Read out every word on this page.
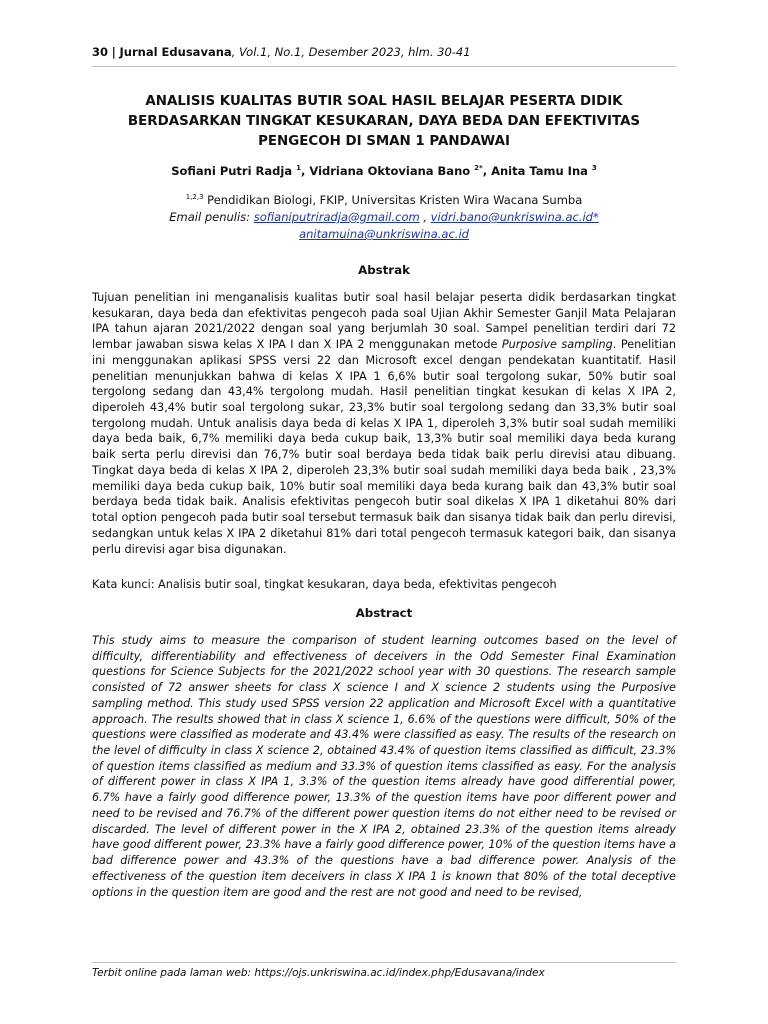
30 | Jurnal Edusavana, Vol.1, No.1, Desember 2023, hlm. 30-41
ANALISIS KUALITAS BUTIR SOAL HASIL BELAJAR PESERTA DIDIK
BERDASARKAN TINGKAT KESUKARAN, DAYA BEDA DAN EFEKTIVITAS
PENGECOH DI SMAN 1 PANDAWAI
Sofiani Putri Radja $^1$, Vidriana Oktoviana Bano $^{2*}$, Anita Tamu Ina $^3$
$^{1,2,3}$ Pendidikan Biologi, FKIP, Universitas Kristen Wira Wacana Sumba
Email penulis: sofianiputriradja@gmail.com , vidri.bano@unkriswina.ac.id*
anitamuina@unkriswina.ac.id
Abstrak

Tujuan penelitian ini menganalisis kualitas butir soal hasil belajar peserta didik berdasarkan tingkat kesukaran, daya beda dan efektivitas pengecoh pada soal Ujian Akhir Semester Ganjil Mata Pelajaran IPA tahun ajaran 2021/2022 dengan soal yang berjumlah 30 soal. Sampel penelitian terdiri dari 72 lembar jawaban siswa kelas X IPA I dan X IPA 2 menggunakan metode Purposive sampling. Penelitian ini menggunakan aplikasi SPSS versi 22 dan Microsoft excel dengan pendekatan kuantitatif. Hasil penelitian menunjukkan bahwa di kelas X IPA 1 6,6% butir soal tergolong sukar, 50% butir soal tergolong sedang dan 43,4% tergolong mudah. Hasil penelitian tingkat kesukan di kelas X IPA 2, diperoleh 43,4% butir soal tergolong sukar, 23,3% butir soal tergolong sedang dan 33,3% butir soal tergolong mudah. Untuk analisis daya beda di kelas X IPA 1, diperoleh 3,3% butir soal sudah memiliki daya beda baik, 6,7% memiliki daya beda cukup baik, 13,3% butir soal memiliki daya beda kurang baik serta perlu direvisi dan 76,7% butir soal berdaya beda tidak baik perlu direvisi atau dibuang. Tingkat daya beda di kelas X IPA 2, diperoleh 23,3% butir soal sudah memiliki daya beda baik , 23,3% memiliki daya beda cukup baik, 10% butir soal memiliki daya beda kurang baik dan 43,3% butir soal berdaya beda tidak baik. Analisis efektivitas pengecoh butir soal dikelas X IPA 1 diketahui 80% dari total option pengecoh pada butir soal tersebut termasuk baik dan sisanya tidak baik dan perlu direvisi, sedangkan untuk kelas X IPA 2 diketahui 81% dari total pengecoh termasuk kategori baik, dan sisanya perlu direvisi agar bisa digunakan.

Kata kunci: Analisis butir soal, tingkat kesukaran, daya beda, efektivitas pengecoh

Abstract

This study aims to measure the comparison of student learning outcomes based on the level of difficulty, differentiability and effectiveness of deceivers in the Odd Semester Final Examination questions for Science Subjects for the 2021/2022 school year with 30 questions. The research sample consisted of 72 answer sheets for class X science I and X science 2 students using the Purposive sampling method. This study used SPSS version 22 application and Microsoft Excel with a quantitative approach. The results showed that in class X science 1, 6.6% of the questions were difficult, 50% of the questions were classified as moderate and 43.4% were classified as easy. The results of the research on the level of difficulty in class X science 2, obtained 43.4% of question items classified as difficult, 23.3% of question items classified as medium and 33.3% of question items classified as easy. For the analysis of different power in class X IPA 1, 3.3% of the question items already have good differential power, 6.7% have a fairly good difference power, 13.3% of the question items have poor different power and need to be revised and 76.7% of the different power question items do not either need to be revised or discarded. The level of different power in the X IPA 2, obtained 23.3% of the question items already have good different power, 23.3% have a fairly good difference power, 10% of the question items have a bad difference power and 43.3% of the questions have a bad difference power. Analysis of the effectiveness of the question item deceivers in class X IPA 1 is known that 80% of the total deceptive options in the question item are good and the rest are not good and need to be revised,

Terbit online pada laman web: https://ojs.unkriswina.ac.id/index.php/Edusavana/index
